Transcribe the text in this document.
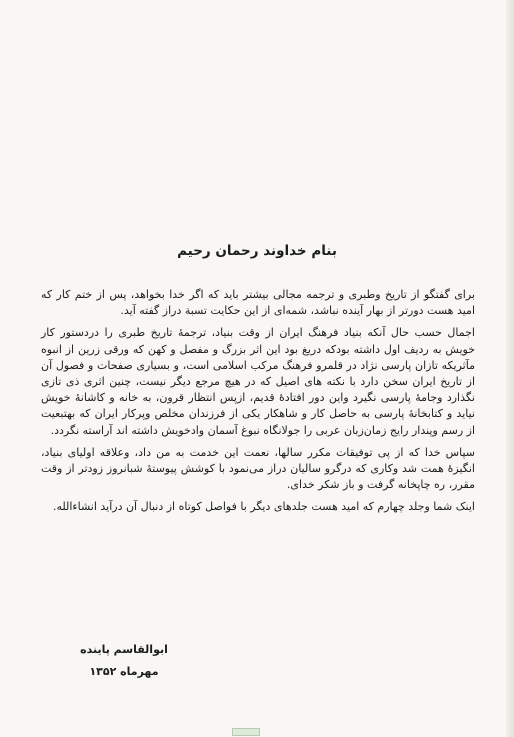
بنام خداوند رحمان رحیم

برای گفتگو از تاریخ وطبری و ترجمه مجالی بیشتر باید که اگر خدا بخواهد، پس از ختم کار که امید هست دورتر از بهار آینده نباشد، شمه‌ای از این حکایت تسبة دراز گفته آید.

اجمال حسب حال آنکه بنیاد فرهنگ ایران از وقت بنیاد، ترجمهٔ تاریخ طبری را دردستور کار خویش به ردیف اول داشته بودکه دریغ بود این اثر بزرگ و مفصل و کهن که ورقی زرین از انبوه مآثریکه تازان پارسی نژاد در قلمرو فرهنگ مرکب اسلامی است، و بسیاری صفحات و فصول آن از تاریخ ایران سخن دارد با نکته های اصیل که در هیچ مرجع دیگر نیست، چنین اثری ذی تازی نگذارد وجامهٔ پارسی نگیرد واین دور افتادهٔ قدیم، ازپس انتظار قرون، به خانه و کاشانهٔ خویش نیاید و کتابخانهٔ پارسی به حاصل کار و شاهکار یکی از فرزندان مخلص وپرکار ایران که بهتبعیت از رسم وپندار رایج زمان‌زبان عربی را جولانگاه نبوغ آسمان وادخویش داشته اند آراسته نگردد.

سپاس خدا که از پی توفیقات مکرر سالها، نعمت این خدمت به من داد، وعلاقه اولیای بنیاد، انگیزهٔ همت شد وکاری که درگرو سالیان دراز می‌نمود با کوشش پیوستهٔ شبانروز زودتر از وقت مقرر، ره چاپخانه گرفت و باز شکر خدای.

اینک شما وجلد چهارم که امید هست جلدهای دیگر با فواصل کوتاه از دنبال آن درآید انشاءالله.

ابوالقاسم پاینده
مهرماه ۱۳۵۲
